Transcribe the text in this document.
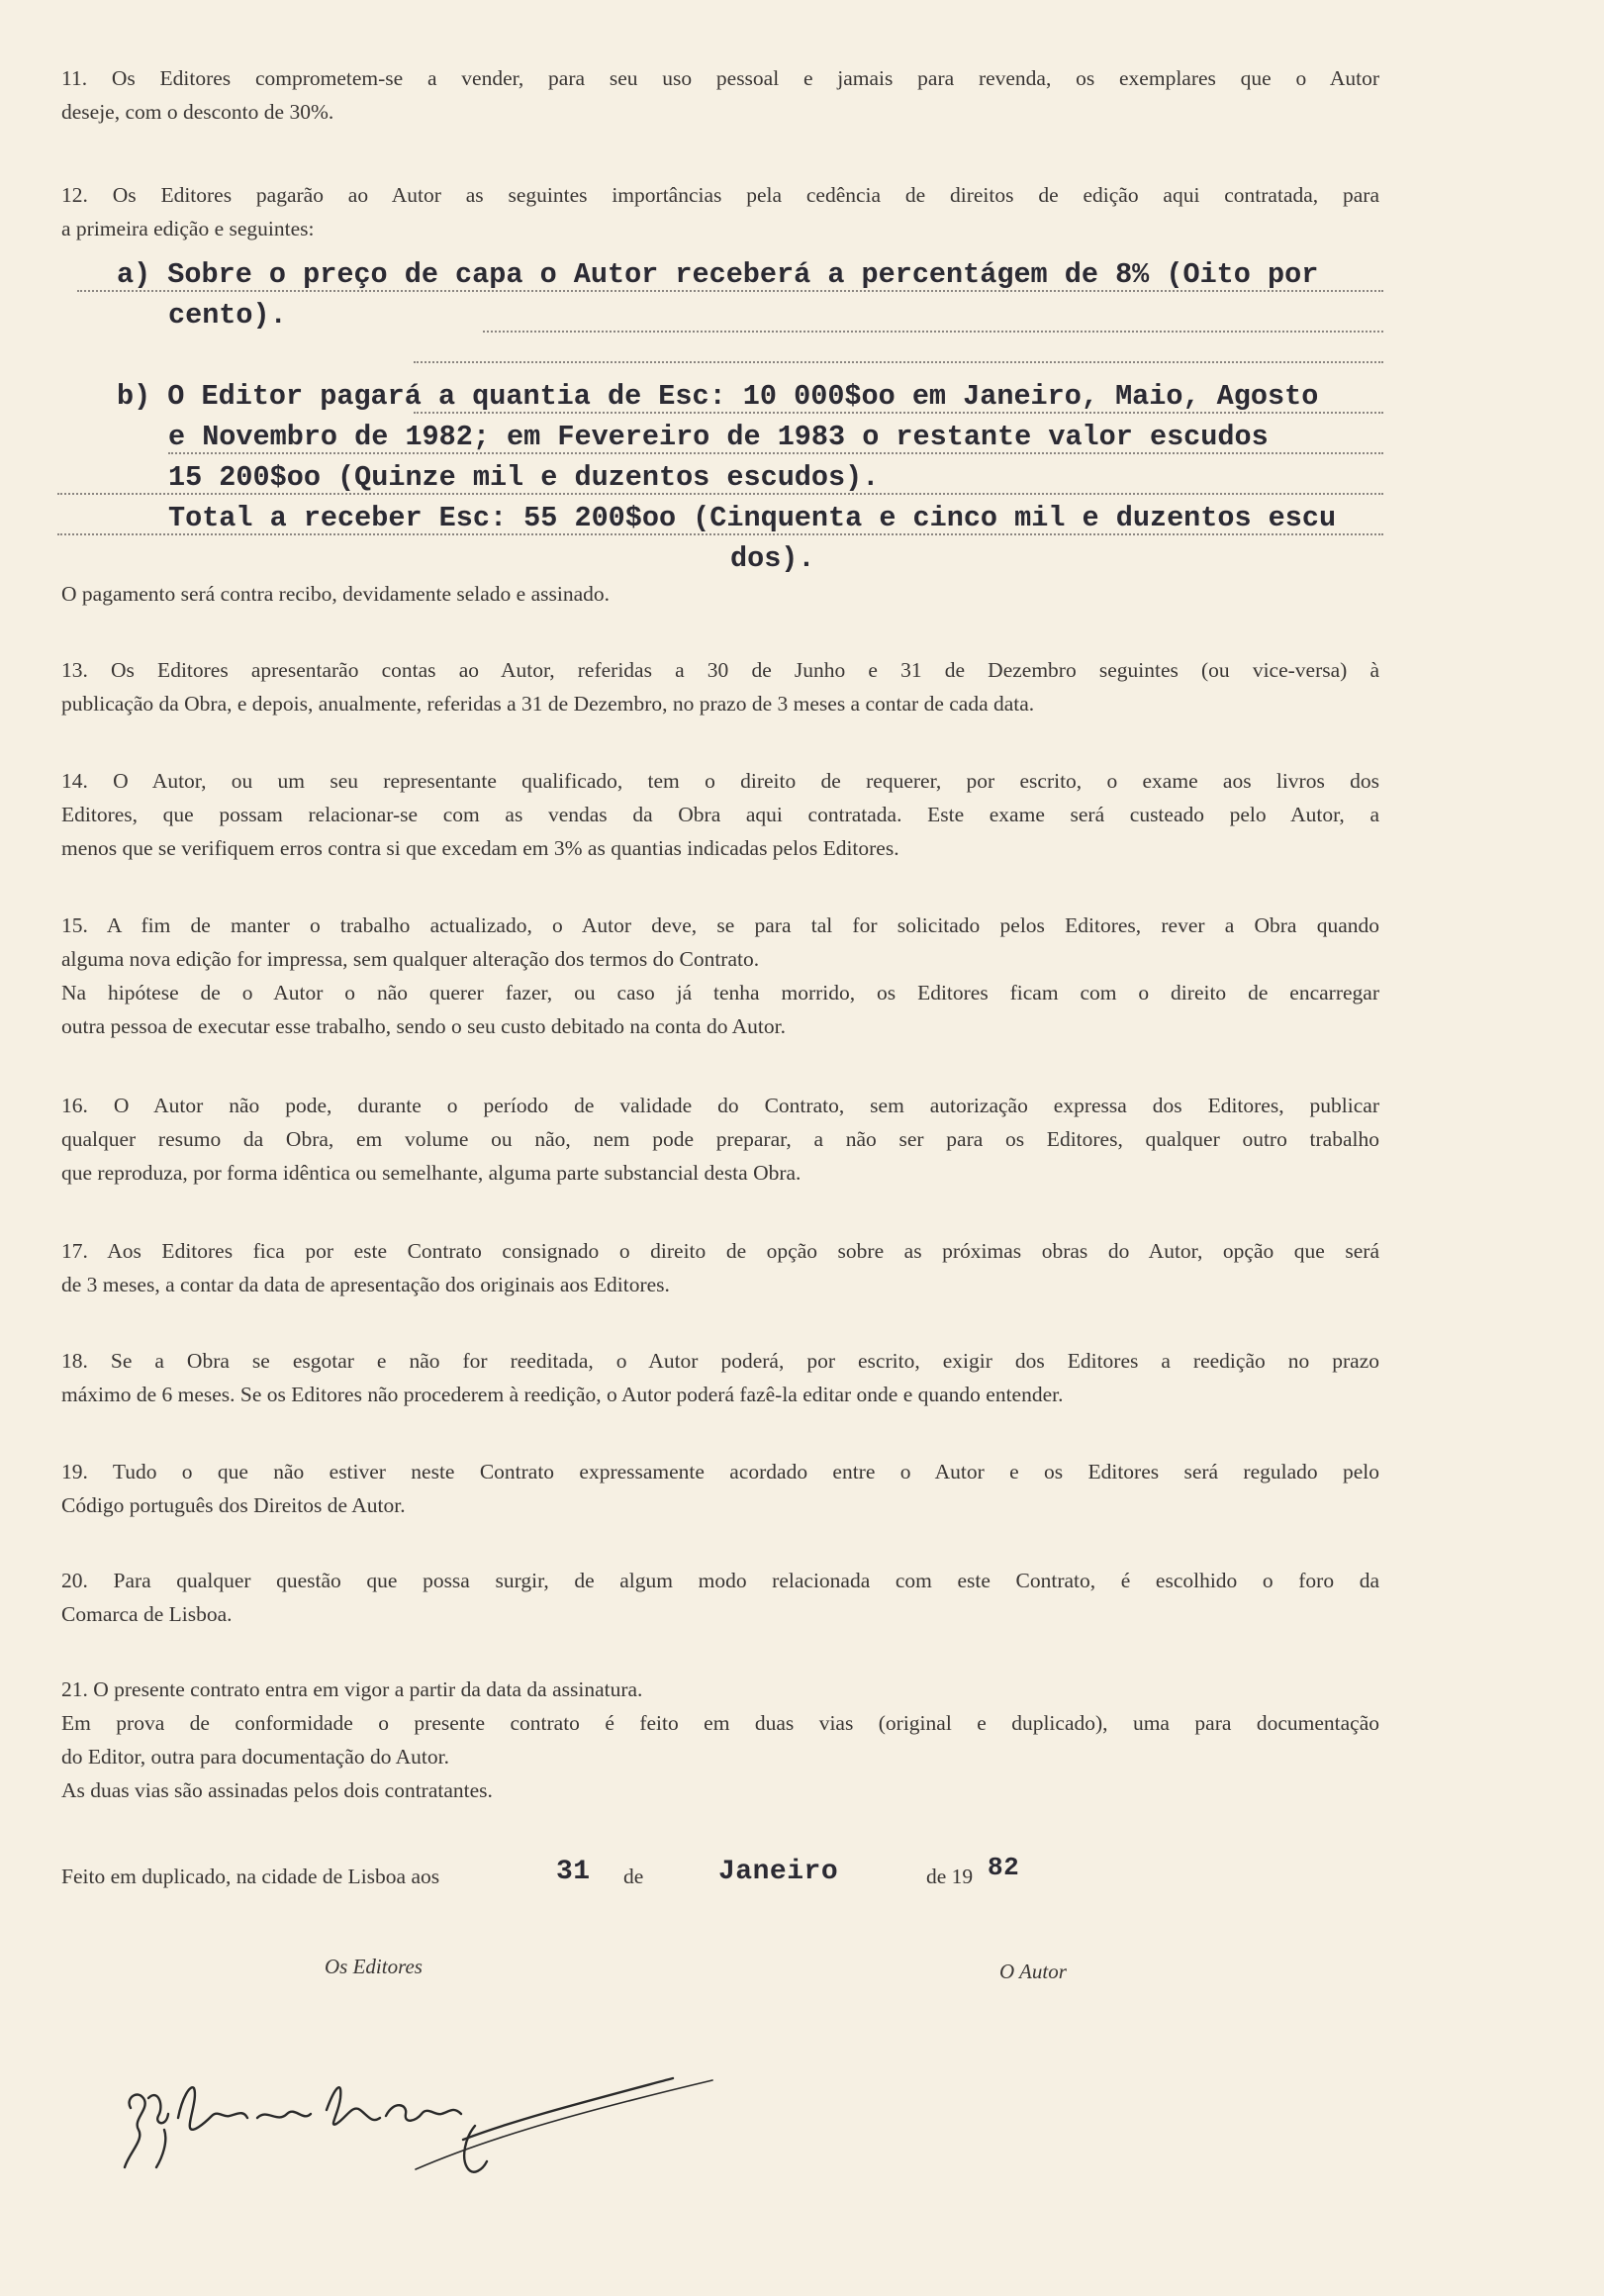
11. Os Editores comprometem-se a vender, para seu uso pessoal e jamais para revenda, os exemplares que o Autor
deseje, com o desconto de 30%.
12. Os Editores pagarão ao Autor as seguintes importâncias pela cedência de direitos de edição aqui contratada, para
a primeira edição e seguintes:
a) Sobre o preço de capa o Autor receberá a percentágem de 8% (Oito por
cento).
b) O Editor pagará a quantia de Esc: 10 000$oo em Janeiro, Maio, Agosto
e Novembro de 1982; em Fevereiro de 1983 o restante valor escudos
15 200$oo (Quinze mil e duzentos escudos).
Total a receber Esc: 55 200$oo (Cinquenta e cinco mil e duzentos escu
dos).
O pagamento será contra recibo, devidamente selado e assinado.
13. Os Editores apresentarão contas ao Autor, referidas a 30 de Junho e 31 de Dezembro seguintes (ou vice-versa) à
publicação da Obra, e depois, anualmente, referidas a 31 de Dezembro, no prazo de 3 meses a contar de cada data.
14. O Autor, ou um seu representante qualificado, tem o direito de requerer, por escrito, o exame aos livros dos
Editores, que possam relacionar-se com as vendas da Obra aqui contratada. Este exame será custeado pelo Autor, a
menos que se verifiquem erros contra si que excedam em 3% as quantias indicadas pelos Editores.
15. A fim de manter o trabalho actualizado, o Autor deve, se para tal for solicitado pelos Editores, rever a Obra quando
alguma nova edição for impressa, sem qualquer alteração dos termos do Contrato.
Na hipótese de o Autor o não querer fazer, ou caso já tenha morrido, os Editores ficam com o direito de encarregar
outra pessoa de executar esse trabalho, sendo o seu custo debitado na conta do Autor.
16. O Autor não pode, durante o período de validade do Contrato, sem autorização expressa dos Editores, publicar
qualquer resumo da Obra, em volume ou não, nem pode preparar, a não ser para os Editores, qualquer outro trabalho
que reproduza, por forma idêntica ou semelhante, alguma parte substancial desta Obra.
17. Aos Editores fica por este Contrato consignado o direito de opção sobre as próximas obras do Autor, opção que será
de 3 meses, a contar da data de apresentação dos originais aos Editores.
18. Se a Obra se esgotar e não for reeditada, o Autor poderá, por escrito, exigir dos Editores a reedição no prazo
máximo de 6 meses. Se os Editores não procederem à reedição, o Autor poderá fazê-la editar onde e quando entender.
19. Tudo o que não estiver neste Contrato expressamente acordado entre o Autor e os Editores será regulado pelo
Código português dos Direitos de Autor.
20. Para qualquer questão que possa surgir, de algum modo relacionada com este Contrato, é escolhido o foro da
Comarca de Lisboa.
21. O presente contrato entra em vigor a partir da data da assinatura.
Em prova de conformidade o presente contrato é feito em duas vias (original e duplicado), uma para documentação
do Editor, outra para documentação do Autor.
As duas vias são assinadas pelos dois contratantes.
Feito em duplicado, na cidade de Lisboa aos	31 de	Janeiro	de 19 82
Os Editores	O Autor
